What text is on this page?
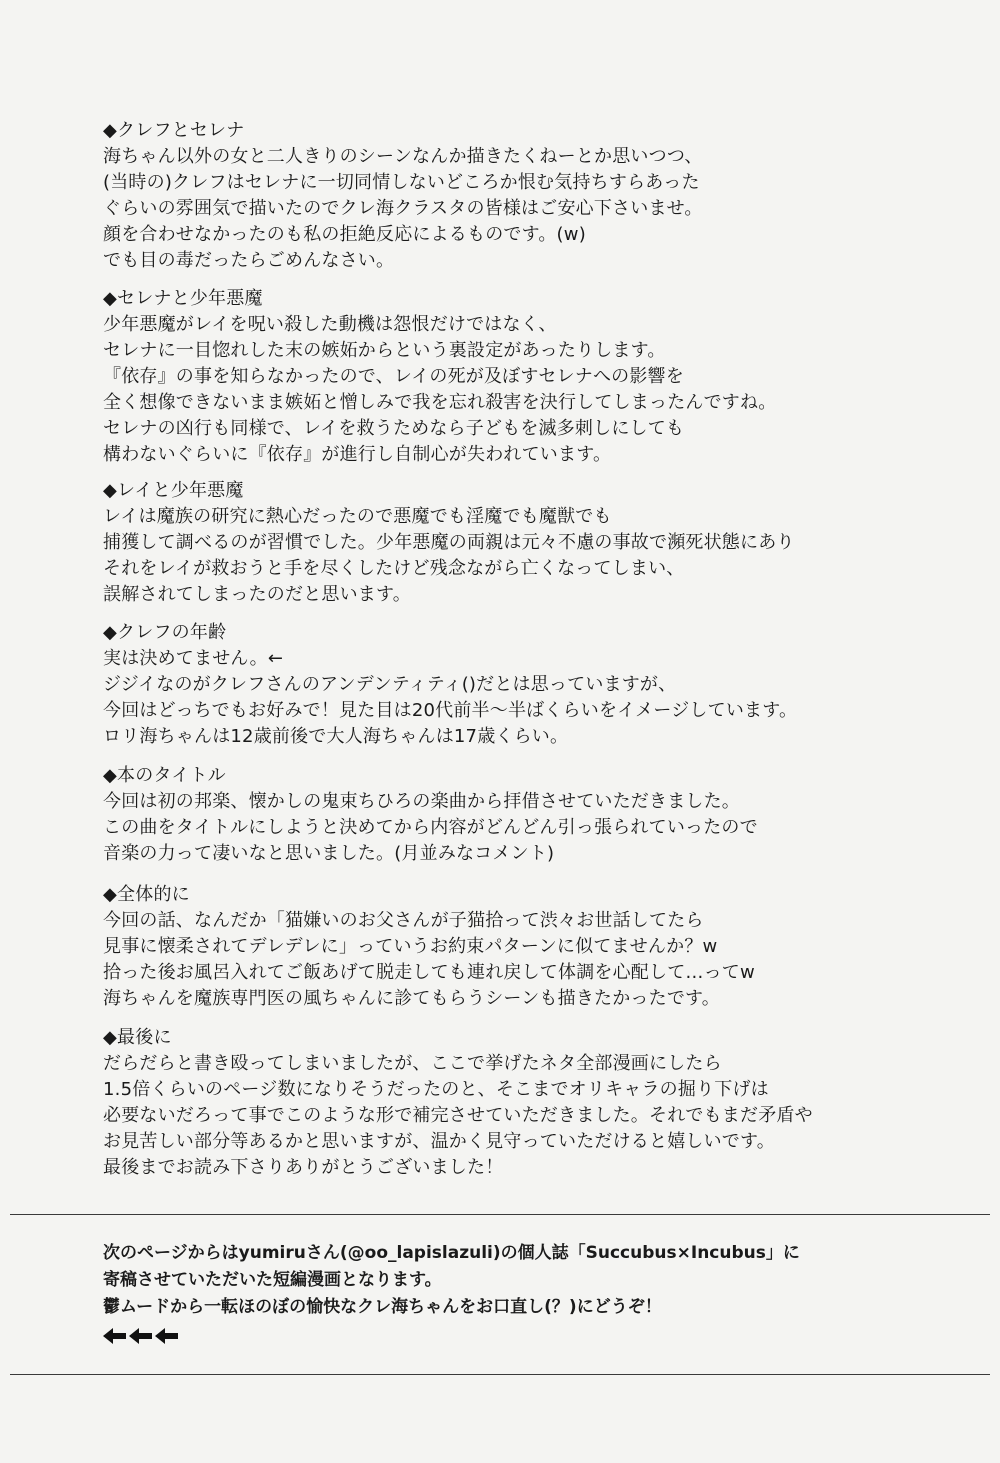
◆クレフとセレナ
海ちゃん以外の女と二人きりのシーンなんか描きたくねーとか思いつつ、
(当時の)クレフはセレナに一切同情しないどころか恨む気持ちすらあった
ぐらいの雰囲気で描いたのでクレ海クラスタの皆様はご安心下さいませ。
顔を合わせなかったのも私の拒絶反応によるものです。(w)
でも目の毒だったらごめんなさい。
◆セレナと少年悪魔
少年悪魔がレイを呪い殺した動機は怨恨だけではなく、
セレナに一目惚れした末の嫉妬からという裏設定があったりします。
『依存』の事を知らなかったので、レイの死が及ぼすセレナへの影響を
全く想像できないまま嫉妬と憎しみで我を忘れ殺害を決行してしまったんですね。
セレナの凶行も同様で、レイを救うためなら子どもを滅多刺しにしても
構わないぐらいに『依存』が進行し自制心が失われています。
◆レイと少年悪魔
レイは魔族の研究に熱心だったので悪魔でも淫魔でも魔獣でも
捕獲して調べるのが習慣でした。少年悪魔の両親は元々不慮の事故で瀕死状態にあり
それをレイが救おうと手を尽くしたけど残念ながら亡くなってしまい、
誤解されてしまったのだと思います。
◆クレフの年齢
実は決めてません。←
ジジイなのがクレフさんのアンデンティティ()だとは思っていますが、
今回はどっちでもお好みで！見た目は20代前半〜半ばくらいをイメージしています。
ロリ海ちゃんは12歳前後で大人海ちゃんは17歳くらい。
◆本のタイトル
今回は初の邦楽、懐かしの鬼束ちひろの楽曲から拝借させていただきました。
この曲をタイトルにしようと決めてから内容がどんどん引っ張られていったので
音楽の力って凄いなと思いました。(月並みなコメント)
◆全体的に
今回の話、なんだか「猫嫌いのお父さんが子猫拾って渋々お世話してたら
見事に懐柔されてデレデレに」っていうお約束パターンに似てませんか？w
拾った後お風呂入れてご飯あげて脱走しても連れ戻して体調を心配して…ってw
海ちゃんを魔族専門医の風ちゃんに診てもらうシーンも描きたかったです。
◆最後に
だらだらと書き殴ってしまいましたが、ここで挙げたネタ全部漫画にしたら
1.5倍くらいのページ数になりそうだったのと、そこまでオリキャラの掘り下げは
必要ないだろって事でこのような形で補完させていただきました。それでもまだ矛盾や
お見苦しい部分等あるかと思いますが、温かく見守っていただけると嬉しいです。
最後までお読み下さりありがとうございました！
次のページからはyumiruさん(@oo_lapislazuli)の個人誌「Succubus×Incubus」に
寄稿させていただいた短編漫画となります。
鬱ムードから一転ほのぼの愉快なクレ海ちゃんをお口直し(？)にどうぞ！
